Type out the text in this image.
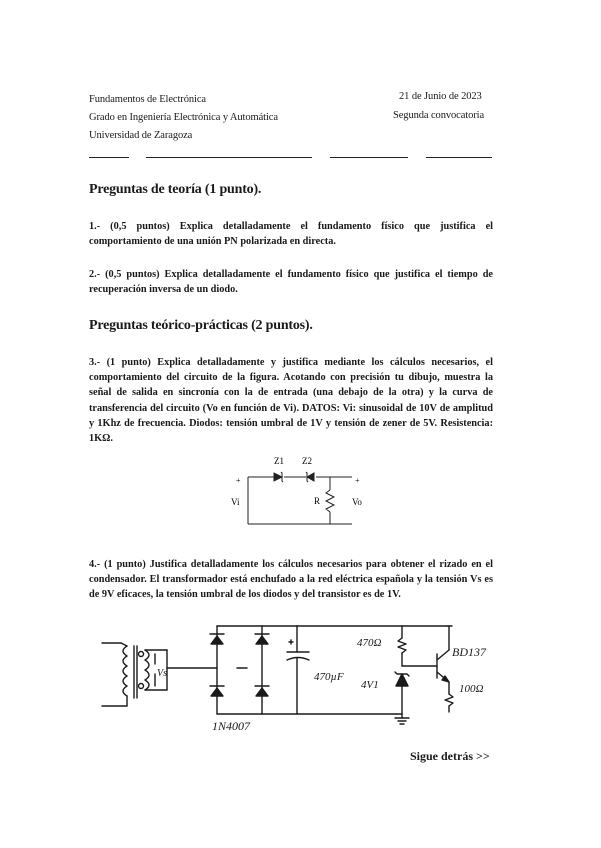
Fundamentos de Electrónica
Grado en Ingeniería Electrónica y Automática
Universidad de Zaragoza
21 de Junio de 2023
Segunda convocatoria
Preguntas de teoría (1 punto).
1.- (0,5 puntos) Explica detalladamente el fundamento físico que justifica el comportamiento de una unión PN polarizada en directa.
2.- (0,5 puntos) Explica detalladamente el fundamento físico que justifica el tiempo de recuperación inversa de un diodo.
Preguntas teórico-prácticas (2 puntos).
3.- (1 punto) Explica detalladamente y justifica mediante los cálculos necesarios, el comportamiento del circuito de la figura. Acotando con precisión tu dibujo, muestra la señal de salida en sincronía con la de entrada (una debajo de la otra) y la curva de transferencia del circuito (Vo en función de Vi). DATOS: Vi: sinusoidal de 10V de amplitud y 1Khz de frecuencia. Diodos: tensión umbral de 1V y tensión de zener de 5V. Resistencia: 1KΩ.
Z1 Z2
+
Vi	R
+
Vo
4.- (1 punto) Justifica detalladamente los cálculos necesarios para obtener el rizado en el condensador. El transformador está enchufado a la red eléctrica española y la tensión Vs es de 9V eficaces, la tensión umbral de los diodos y del transistor es de 1V.
Vs
470Ω
470µF
4V1
BD137
100Ω
1N4007
Sigue detrás >>
